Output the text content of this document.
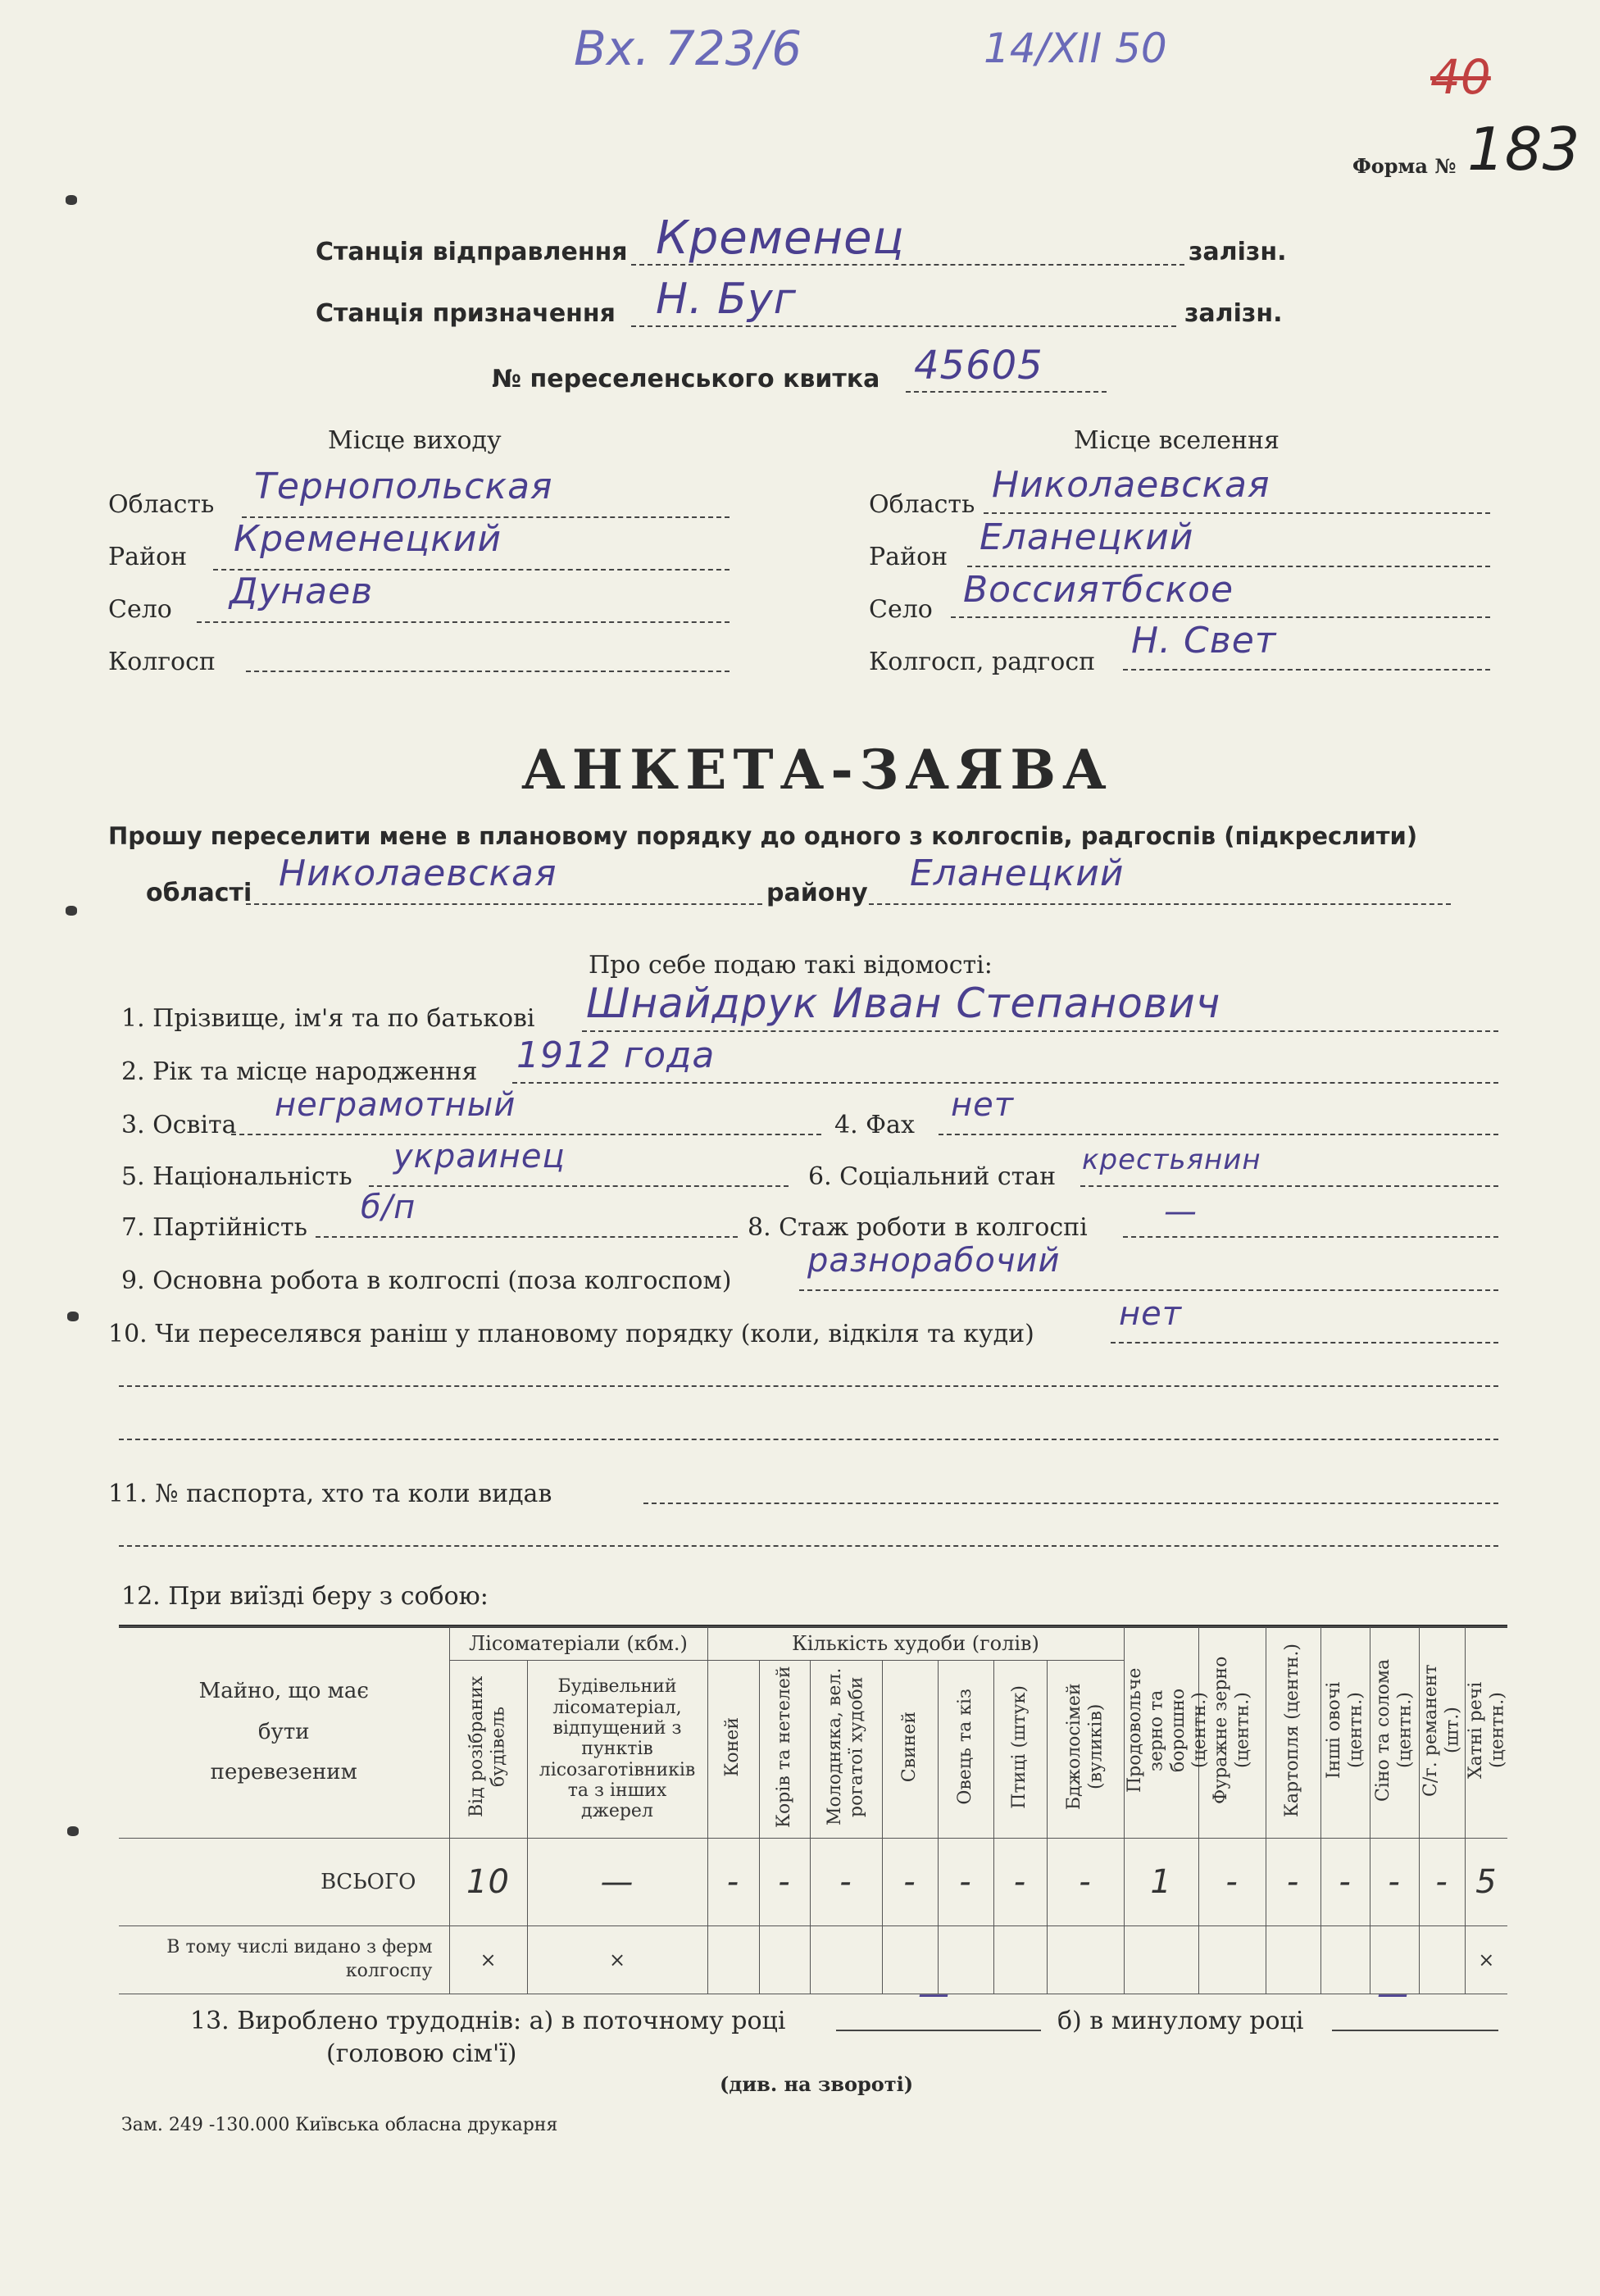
Вх. 723/6	14/XII 50
40
183
Форма №
Станція відправлення Кременец	залізн.
Станція призначення Н. Буг	залізн.
№ переселенського квитка 45605
Місце виходу	Місце вселення
Область Тернопольская
Район Кременецкий
Село Дунаев
Колгосп
Область Николаевская
Район Еланецкий
Село Воссиятбское
Колгосп, радгосп
Н. Свет
АНКЕТА-ЗАЯВА
Прошу переселити мене в плановому порядку до одного з колгоспів, радгоспів (підкреслити)
області Николаевская	району Еланецкий
Про себе подаю такі відомості:
1. Прізвище, ім'я та по батькові Шнайдрук Иван Степанович
2. Рік та місце народження 1912 года
3. Освіта
неграмотный
4. Фах
нет
5. Національність
украинец
6. Соціальний стан
крестьянин
7. Партійність
б/п
8. Стаж роботи в колгоспі —
9. Основна робота в колгоспі (поза колгоспом)
разнорабочий
10. Чи переселявся раніш у плановому порядку (коли, відкіля та куди)
нет
11. № паспорта, хто та коли видав
12. При виїзді беру з собою:
Майно, що має бути перевезеним	Лісоматеріали (кбм.)		Кількість худоби (голів)							Продовольче зерно та борошно (центн.)	Фуражне зерно (центн.)	Картопля (центн.)	Інші овочі (центн.)	Сіно та солома (центн.)	С/г. реманент (шт.)	Хатні речі (центн.)
	Від розібраних будівель	Будівельний лісоматеріал, відпущений з пунктів лісозаготівників та з інших джерел	Коней	Корів та нетелей	Молодняка, вел. рогатої худоби	Свиней	Овець та кіз	Птиці (штук)	Бджолосімей (вуликів)							
ВСЬОГО	10	—	-	-	-	-	-	-	-	1	-	-	-	-	-	5
В тому числі видано з ферм колгоспу	×	×														×
13. Вироблено трудоднів: а) в поточному році
—
б) в минулому році
—
(головою сім'ї)
(див. на звороті)
Зам. 249 -130.000 Київська обласна друкарня
